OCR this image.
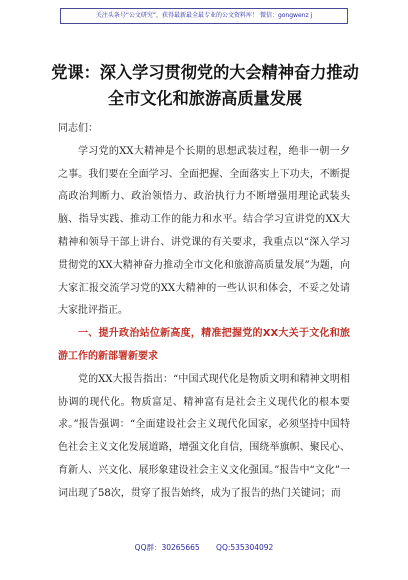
关注头条号“公文研究”，获得最新最全最专业的公文资料库！ 微信：gongwenz j
党课：深入学习贯彻党的大会精神奋力推动全市文化和旅游高质量发展

同志们：

学习党的XX大精神是个长期的思想武装过程，绝非一朝一夕之事。我们要在全面学习、全面把握、全面落实上下功夫，不断提高政治判断力、政治领悟力、政治执行力不断增强用理论武装头脑、指导实践、推动工作的能力和水平。结合学习宣讲党的XX大精神和领导干部上讲台、讲党课的有关要求，我重点以“深入学习贯彻党的XX大精神奋力推动全市文化和旅游高质量发展”为题，向大家汇报交流学习党的XX大精神的一些认识和体会，不妥之处请大家批评指正。

一、提升政治站位新高度，精准把握党的XX大关于文化和旅游工作的新部署新要求

党的XX大报告指出：“中国式现代化是物质文明和精神文明相协调的现代化。物质富足、精神富有是社会主义现代化的根本要求。”报告强调：“全面建设社会主义现代化国家，必须坚持中国特色社会主义文化发展道路，增强文化自信，围绕举旗帜、聚民心、育新人、兴文化、展形象建设社会主义文化强国。”报告中“文化”一词出现了58次，贯穿了报告始终，成为了报告的热门关键词；而

QQ群：30265665 QQ:535304092
